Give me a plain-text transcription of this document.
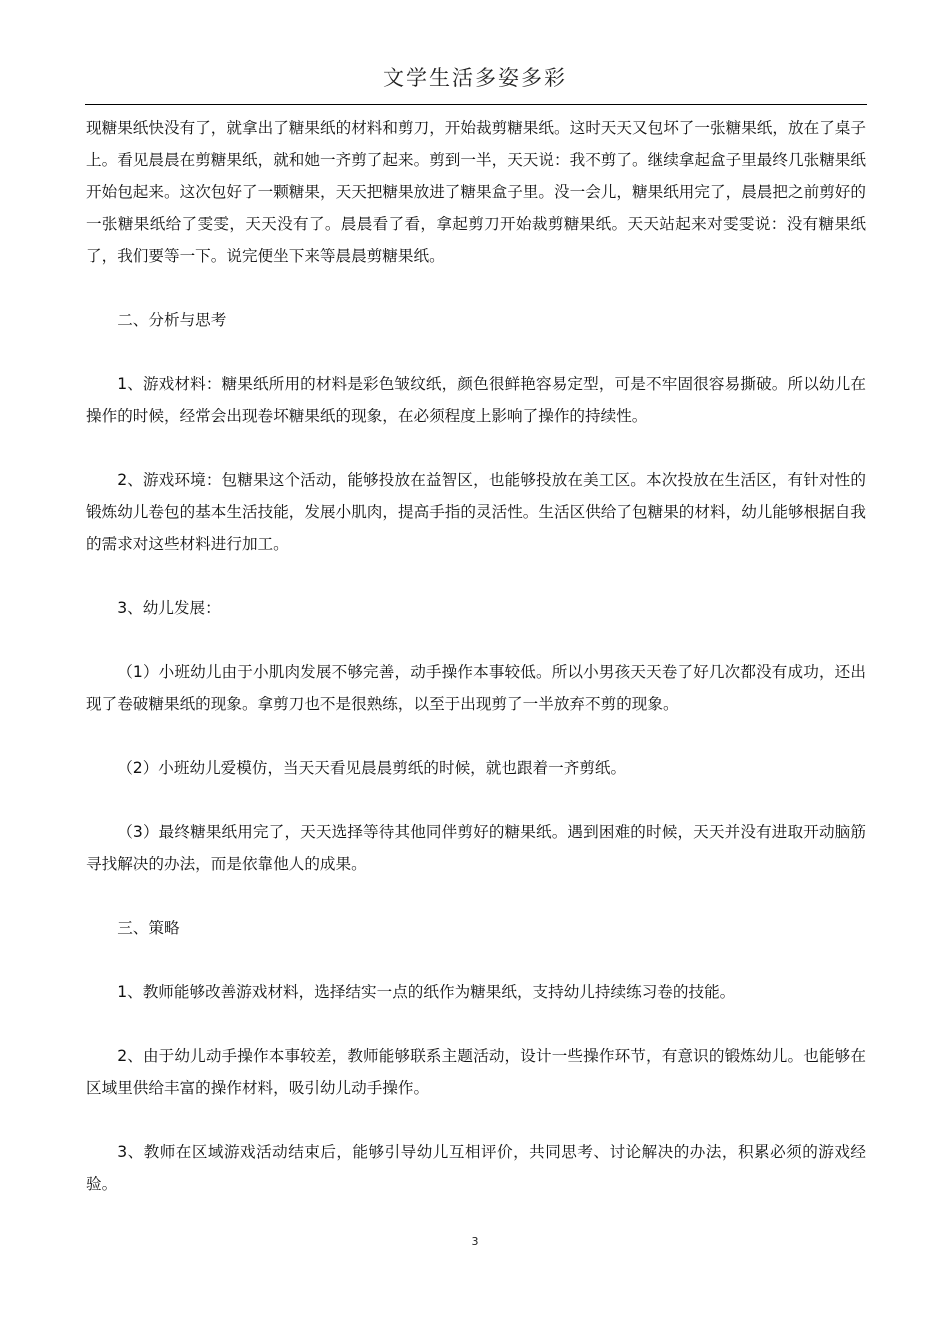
文学生活多姿多彩

现糖果纸快没有了，就拿出了糖果纸的材料和剪刀，开始裁剪糖果纸。这时天天又包坏了一张糖果纸，放在了桌子上。看见晨晨在剪糖果纸，就和她一齐剪了起来。剪到一半，天天说：我不剪了。继续拿起盒子里最终几张糖果纸开始包起来。这次包好了一颗糖果，天天把糖果放进了糖果盒子里。没一会儿，糖果纸用完了，晨晨把之前剪好的一张糖果纸给了雯雯，天天没有了。晨晨看了看，拿起剪刀开始裁剪糖果纸。天天站起来对雯雯说：没有糖果纸了，我们要等一下。说完便坐下来等晨晨剪糖果纸。

二、分析与思考

1、游戏材料：糖果纸所用的材料是彩色皱纹纸，颜色很鲜艳容易定型，可是不牢固很容易撕破。所以幼儿在操作的时候，经常会出现卷坏糖果纸的现象，在必须程度上影响了操作的持续性。

2、游戏环境：包糖果这个活动，能够投放在益智区，也能够投放在美工区。本次投放在生活区，有针对性的锻炼幼儿卷包的基本生活技能，发展小肌肉，提高手指的灵活性。生活区供给了包糖果的材料，幼儿能够根据自我的需求对这些材料进行加工。

3、幼儿发展：

（1）小班幼儿由于小肌肉发展不够完善，动手操作本事较低。所以小男孩天天卷了好几次都没有成功，还出现了卷破糖果纸的现象。拿剪刀也不是很熟练，以至于出现剪了一半放弃不剪的现象。

（2）小班幼儿爱模仿，当天天看见晨晨剪纸的时候，就也跟着一齐剪纸。

（3）最终糖果纸用完了，天天选择等待其他同伴剪好的糖果纸。遇到困难的时候，天天并没有进取开动脑筋寻找解决的办法，而是依靠他人的成果。

三、策略

1、教师能够改善游戏材料，选择结实一点的纸作为糖果纸，支持幼儿持续练习卷的技能。

2、由于幼儿动手操作本事较差，教师能够联系主题活动，设计一些操作环节，有意识的锻炼幼儿。也能够在区域里供给丰富的操作材料，吸引幼儿动手操作。

3、教师在区域游戏活动结束后，能够引导幼儿互相评价，共同思考、讨论解决的办法，积累必须的游戏经验。

3
